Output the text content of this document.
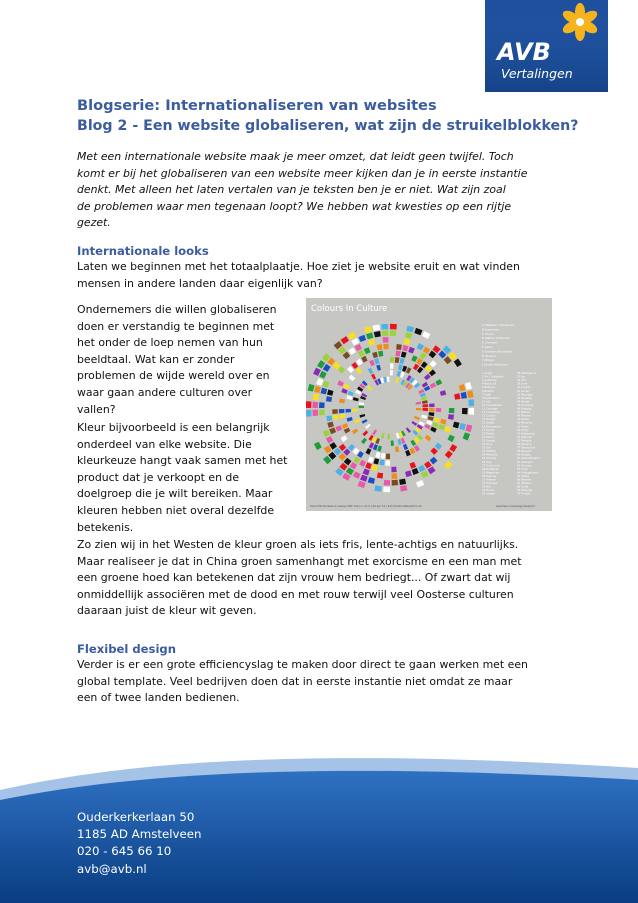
AVB
Vertalingen

Blogserie: Internationaliseren van websites

Blog 2 - Een website globaliseren, wat zijn de struikelblokken?

Met een internationale website maak je meer omzet, dat leidt geen twijfel. Toch
komt er bij het globaliseren van een website meer kijken dan je in eerste instantie
denkt. Met alleen het laten vertalen van je teksten ben je er niet. Wat zijn zoal
de problemen waar men tegenaan loopt? We hebben wat kwesties op een rijtje
gezet.

Internationale looks

Laten we beginnen met het totaalplaatje. Hoe ziet je website eruit en wat vinden
mensen in andere landen daar eigenlijk van?

Ondernemers die willen globaliseren
doen er verstandig te beginnen met
het onder de loep nemen van hun
beeldtaal. Wat kan er zonder
problemen de wijde wereld over en
waar gaan andere culturen over
vallen?

Kleur bijvoorbeeld is een belangrijk
onderdeel van elke website. Die
kleurkeuze hangt vaak samen met het
product dat je verkoopt en de
doelgroep die je wilt bereiken. Maar
kleuren hebben niet overal dezelfde
betekenis.

Colours In Culture
A Western / American
B Japanese
C Hindu
D Native American
E Chinese
F Asian
G Eastern European
H Muslim
I African
J South American
1 Anger
2 Art / Creativity
3 Authority
4 Bad Luck
5 Balance
6 Beauty
7 Calm
8 Celebration
9 Cold
10 Compassion
11 Courage
12 Cowardice
13 Cruelty
14 Danger
15 Death
16 Decadence
17 Deceit
18 Desire
19 Earthy
20 Energy
21 Envy
22 Evil
23 Fertility
24 Freedom
25 Friendly
26 Gay
27 Good Luck
28 Gratitude
29 Happiness
30 Healing
31 Heaven
32 Holiness
33 Hot
34 Illness
35 Insight
36 Intelligence
37 Joy
38 Life
39 Love
40 Loyalty
41 Luxury
42 Marriage
43 Modesty
44 Money
45 Mourning
46 Mystery
47 Nature
48 Passion
49 Peace
50 Penance
51 Power
52 Purity
53 Radicalism
54 Rational
55 Reliable
56 Religion
57 Repels Evil
58 Respect
59 Royalty
60 Self-cultivation
61 Strength
62 Success
63 Trust
64 Unhappiness
65 Virtue
66 Warmth
67 Wisdom
68 Youth
69 Integrity
70 Trouble
David McCandless & Always With Honor | v1.0 | 04 Apr 10 | InformationIsBeautiful.net	www.fee.com/design/research

Zo zien wij in het Westen de kleur groen als iets fris, lente-achtigs en natuurlijks.
Maar realiseer je dat in China groen samenhangt met exorcisme en een man met
een groene hoed kan betekenen dat zijn vrouw hem bedriegt... Of zwart dat wij
onmiddellijk associëren met de dood en met rouw terwijl veel Oosterse culturen
daaraan juist de kleur wit geven.

Flexibel design

Verder is er een grote efficiencyslag te maken door direct te gaan werken met een
global template. Veel bedrijven doen dat in eerste instantie niet omdat ze maar
een of twee landen bedienen.

Ouderkerkerlaan 50
1185 AD Amstelveen
020 - 645 66 10
avb@avb.nl
